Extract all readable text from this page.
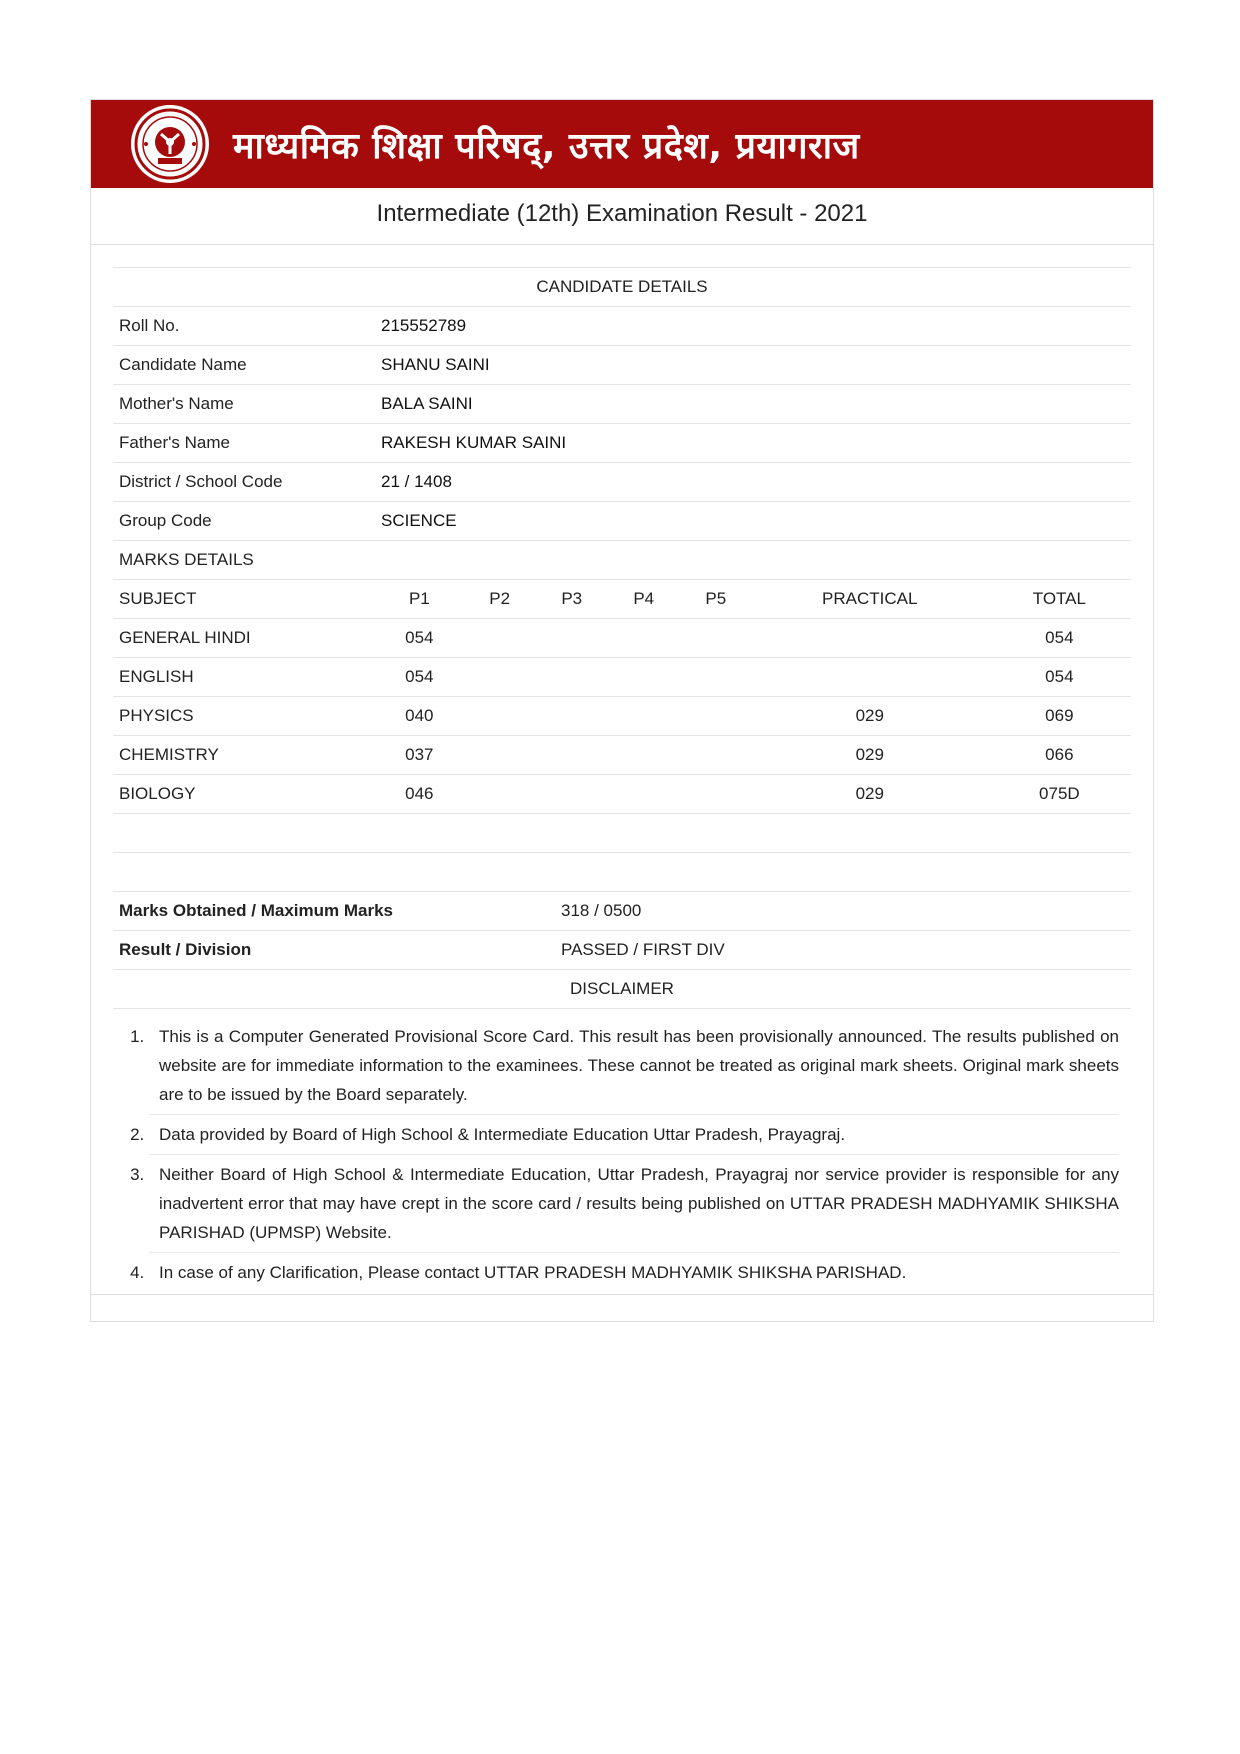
माध्यमिक शिक्षा परिषद्, उत्तर प्रदेश, प्रयागराज
Intermediate (12th) Examination Result - 2021
CANDIDATE DETAILS	
Roll No.	215552789
Candidate Name	SHANU SAINI
Mother's Name	BALA SAINI
Father's Name	RAKESH KUMAR SAINI
District / School Code	21 / 1408
Group Code	SCIENCE
MARKS DETAILS							
SUBJECT	P1	P2	P3	P4	P5	PRACTICAL	TOTAL
GENERAL HINDI	054						054
ENGLISH	054						054
PHYSICS	040					029	069
CHEMISTRY	037					029	066
BIOLOGY	046					029	075D
Marks Obtained / Maximum Marks	318 / 0500
Result / Division	PASSED / FIRST DIV
DISCLAIMER	
1. This is a Computer Generated Provisional Score Card. This result has been provisionally announced. The results published on website are for immediate information to the examinees. These cannot be treated as original mark sheets. Original mark sheets are to be issued by the Board separately.
2. Data provided by Board of High School & Intermediate Education Uttar Pradesh, Prayagraj.
3. Neither Board of High School & Intermediate Education, Uttar Pradesh, Prayagraj nor service provider is responsible for any inadvertent error that may have crept in the score card / results being published on UTTAR PRADESH MADHYAMIK SHIKSHA PARISHAD (UPMSP) Website.
4. In case of any Clarification, Please contact UTTAR PRADESH MADHYAMIK SHIKSHA PARISHAD.
